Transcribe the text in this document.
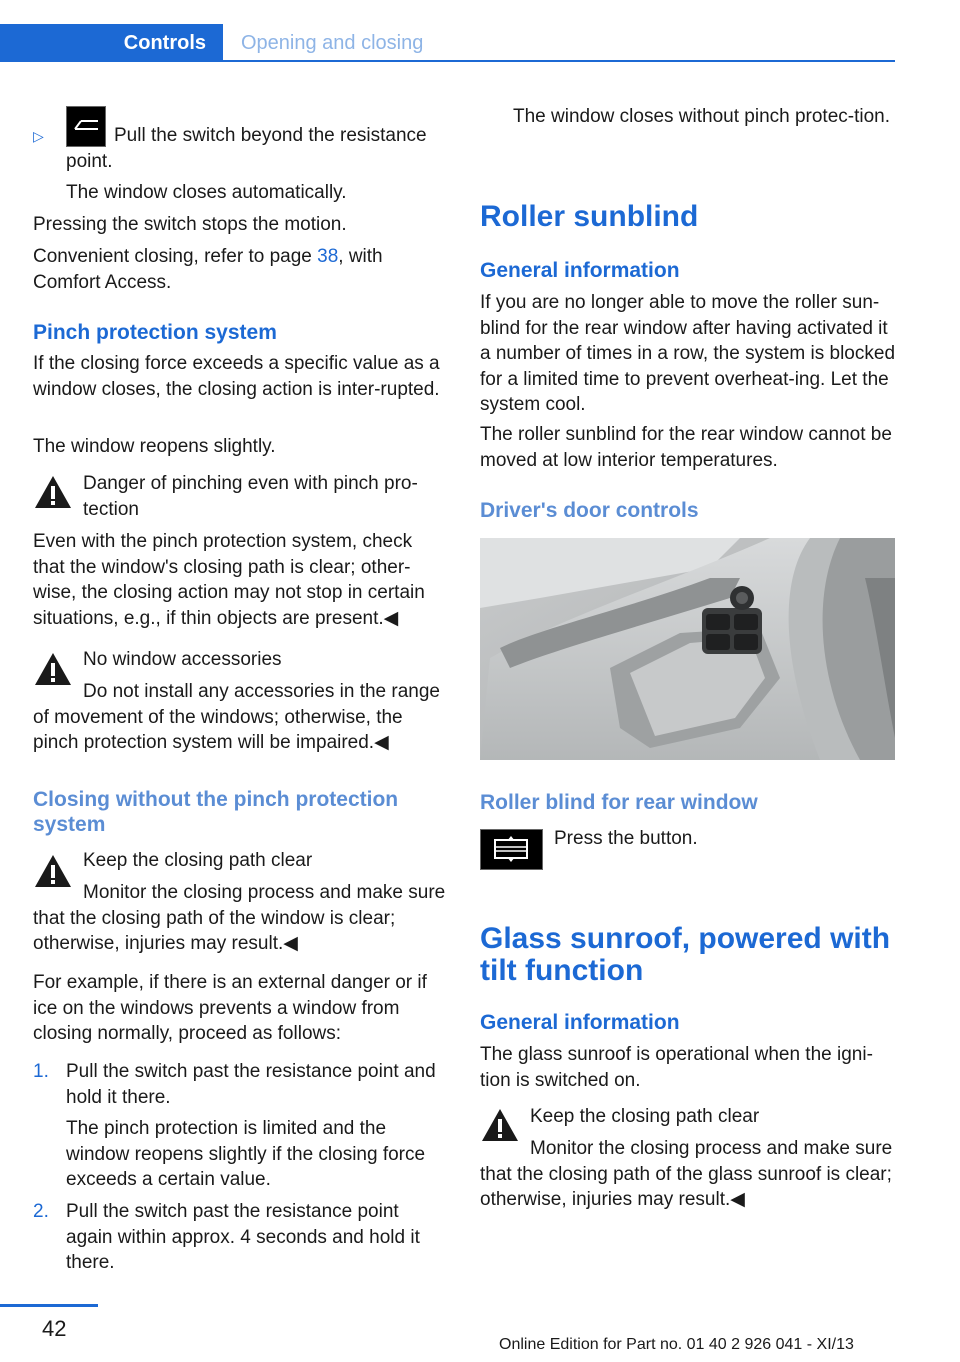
Controls	Opening and closing
▷	Pull the switch beyond the resistance point.

The window closes automatically.

Pressing the switch stops the motion.

Convenient closing, refer to page 38, with Comfort Access.

Pinch protection system

If the closing force exceeds a specific value as a window closes, the closing action is inter‐rupted.

The window reopens slightly.

Danger of pinching even with pinch pro‐tection

Even with the pinch protection system, check that the window's closing path is clear; other‐wise, the closing action may not stop in certain situations, e.g., if thin objects are present.◀

No window accessories

Do not install any accessories in the range of movement of the windows; otherwise, the pinch protection system will be impaired.◀

Closing without the pinch protection system

Keep the closing path clear

Monitor the closing process and make sure that the closing path of the window is clear; otherwise, injuries may result.◀

For example, if there is an external danger or if ice on the windows prevents a window from closing normally, proceed as follows:

1. Pull the switch past the resistance point and hold it there.

The pinch protection is limited and the window reopens slightly if the closing force exceeds a certain value.

2. Pull the switch past the resistance point again within approx. 4 seconds and hold it there.

The window closes without pinch protec‐tion.

Roller sunblind
General information

If you are no longer able to move the roller sun‐blind for the rear window after having activated it a number of times in a row, the system is blocked for a limited time to prevent overheat‐ing. Let the system cool.

The roller sunblind for the rear window cannot be moved at low interior temperatures.

Driver's door controls
Roller blind for rear window

Press the button.

Glass sunroof, powered with tilt function
General information

The glass sunroof is operational when the igni‐tion is switched on.

Keep the closing path clear

Monitor the closing process and make sure that the closing path of the glass sunroof is clear; otherwise, injuries may result.◀

42
Online Edition for Part no. 01 40 2 926 041 - XI/13
